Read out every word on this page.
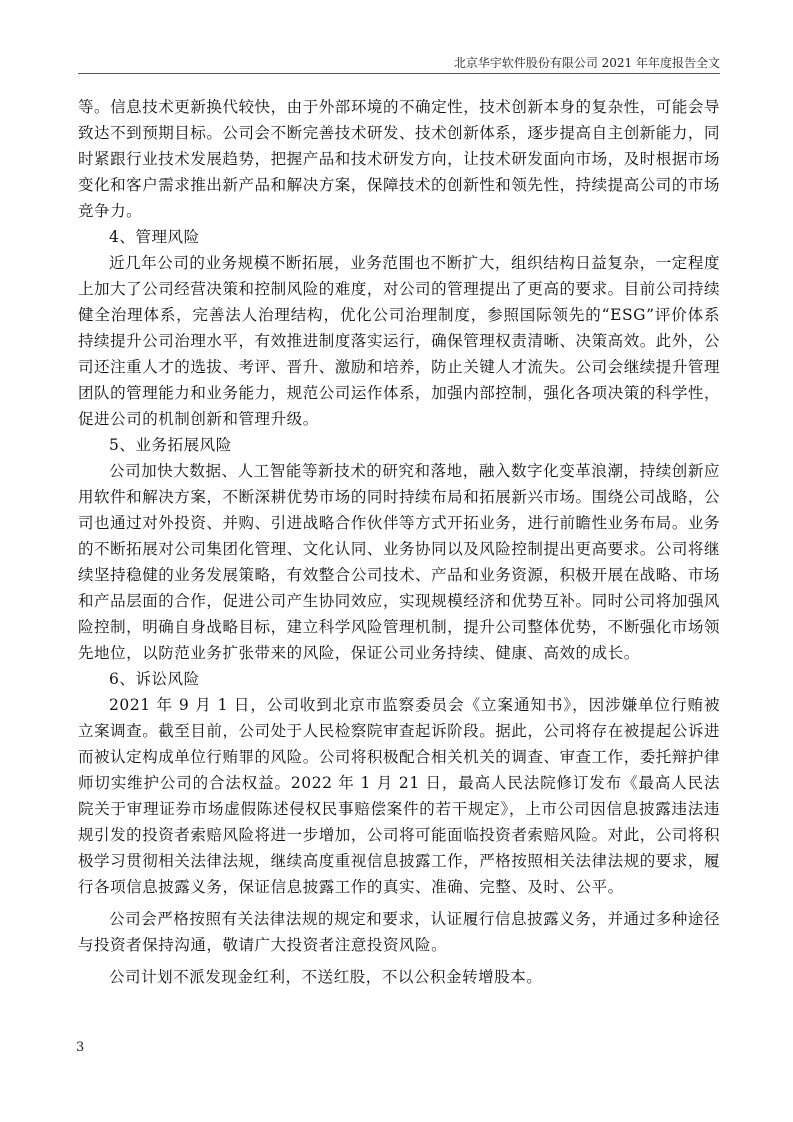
北京华宇软件股份有限公司 2021 年年度报告全文

等。信息技术更新换代较快，由于外部环境的不确定性，技术创新本身的复杂性，可能会导致达不到预期目标。公司会不断完善技术研发、技术创新体系，逐步提高自主创新能力，同时紧跟行业技术发展趋势，把握产品和技术研发方向，让技术研发面向市场，及时根据市场变化和客户需求推出新产品和解决方案，保障技术的创新性和领先性，持续提高公司的市场竞争力。

4、管理风险

近几年公司的业务规模不断拓展，业务范围也不断扩大，组织结构日益复杂，一定程度上加大了公司经营决策和控制风险的难度，对公司的管理提出了更高的要求。目前公司持续健全治理体系，完善法人治理结构，优化公司治理制度，参照国际领先的“ESG”评价体系持续提升公司治理水平，有效推进制度落实运行，确保管理权责清晰、决策高效。此外，公司还注重人才的选拔、考评、晋升、激励和培养，防止关键人才流失。公司会继续提升管理团队的管理能力和业务能力，规范公司运作体系，加强内部控制，强化各项决策的科学性，促进公司的机制创新和管理升级。

5、业务拓展风险

公司加快大数据、人工智能等新技术的研究和落地，融入数字化变革浪潮，持续创新应用软件和解决方案，不断深耕优势市场的同时持续布局和拓展新兴市场。围绕公司战略，公司也通过对外投资、并购、引进战略合作伙伴等方式开拓业务，进行前瞻性业务布局。业务的不断拓展对公司集团化管理、文化认同、业务协同以及风险控制提出更高要求。公司将继续坚持稳健的业务发展策略，有效整合公司技术、产品和业务资源，积极开展在战略、市场和产品层面的合作，促进公司产生协同效应，实现规模经济和优势互补。同时公司将加强风险控制，明确自身战略目标，建立科学风险管理机制，提升公司整体优势，不断强化市场领先地位，以防范业务扩张带来的风险，保证公司业务持续、健康、高效的成长。

6、诉讼风险

2021 年 9 月 1 日，公司收到北京市监察委员会《立案通知书》，因涉嫌单位行贿被立案调查。截至目前，公司处于人民检察院审查起诉阶段。据此，公司将存在被提起公诉进而被认定构成单位行贿罪的风险。公司将积极配合相关机关的调查、审查工作，委托辩护律师切实维护公司的合法权益。2022 年 1 月 21 日，最高人民法院修订发布《最高人民法院关于审理证券市场虚假陈述侵权民事赔偿案件的若干规定》，上市公司因信息披露违法违规引发的投资者索赔风险将进一步增加，公司将可能面临投资者索赔风险。对此，公司将积极学习贯彻相关法律法规，继续高度重视信息披露工作，严格按照相关法律法规的要求，履行各项信息披露义务，保证信息披露工作的真实、准确、完整、及时、公平。

公司会严格按照有关法律法规的规定和要求，认证履行信息披露义务，并通过多种途径与投资者保持沟通，敬请广大投资者注意投资风险。

公司计划不派发现金红利，不送红股，不以公积金转增股本。

3
